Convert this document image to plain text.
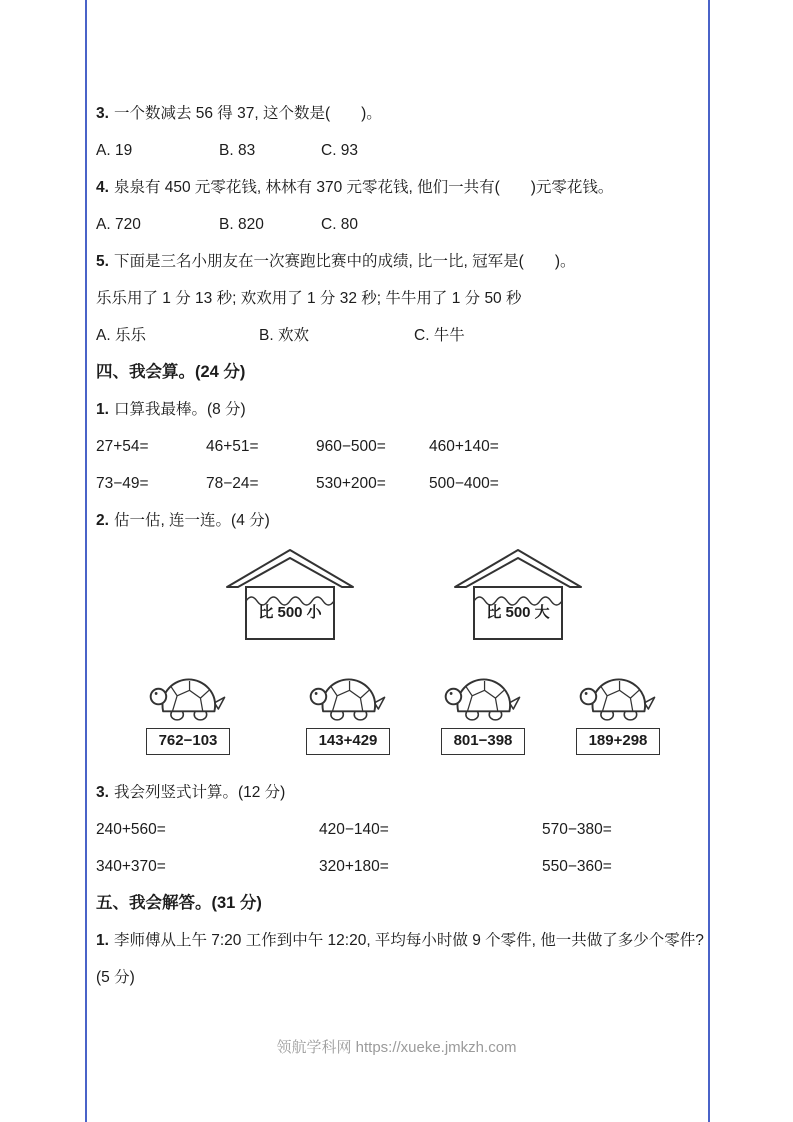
3. 一个数减去 56 得 37, 这个数是(　　)。
A. 19	B. 83	C. 93
4. 泉泉有 450 元零花钱, 林林有 370 元零花钱, 他们一共有(　　)元零花钱。
A. 720	B. 820	C. 80
5. 下面是三名小朋友在一次赛跑比赛中的成绩, 比一比, 冠军是(　　)。
乐乐用了 1 分 13 秒; 欢欢用了 1 分 32 秒; 牛牛用了 1 分 50 秒
A. 乐乐	B. 欢欢	C. 牛牛
四、我会算。(24 分)
1. 口算我最棒。(8 分)
27+54=	46+51=	960−500=	460+140=
73−49=	78−24=	530+200=	500−400=
2. 估一估, 连一连。(4 分)
比 500 小	比 500 大
762−103	143+429	801−398	189+298
3. 我会列竖式计算。(12 分)
240+560=	420−140=	570−380=
340+370=	320+180=	550−360=
五、我会解答。(31 分)
1. 李师傅从上午 7:20 工作到中午 12:20, 平均每小时做 9 个零件, 他一共做了多少个零件?(5 分)
领航学科网 https://xueke.jmkzh.com
